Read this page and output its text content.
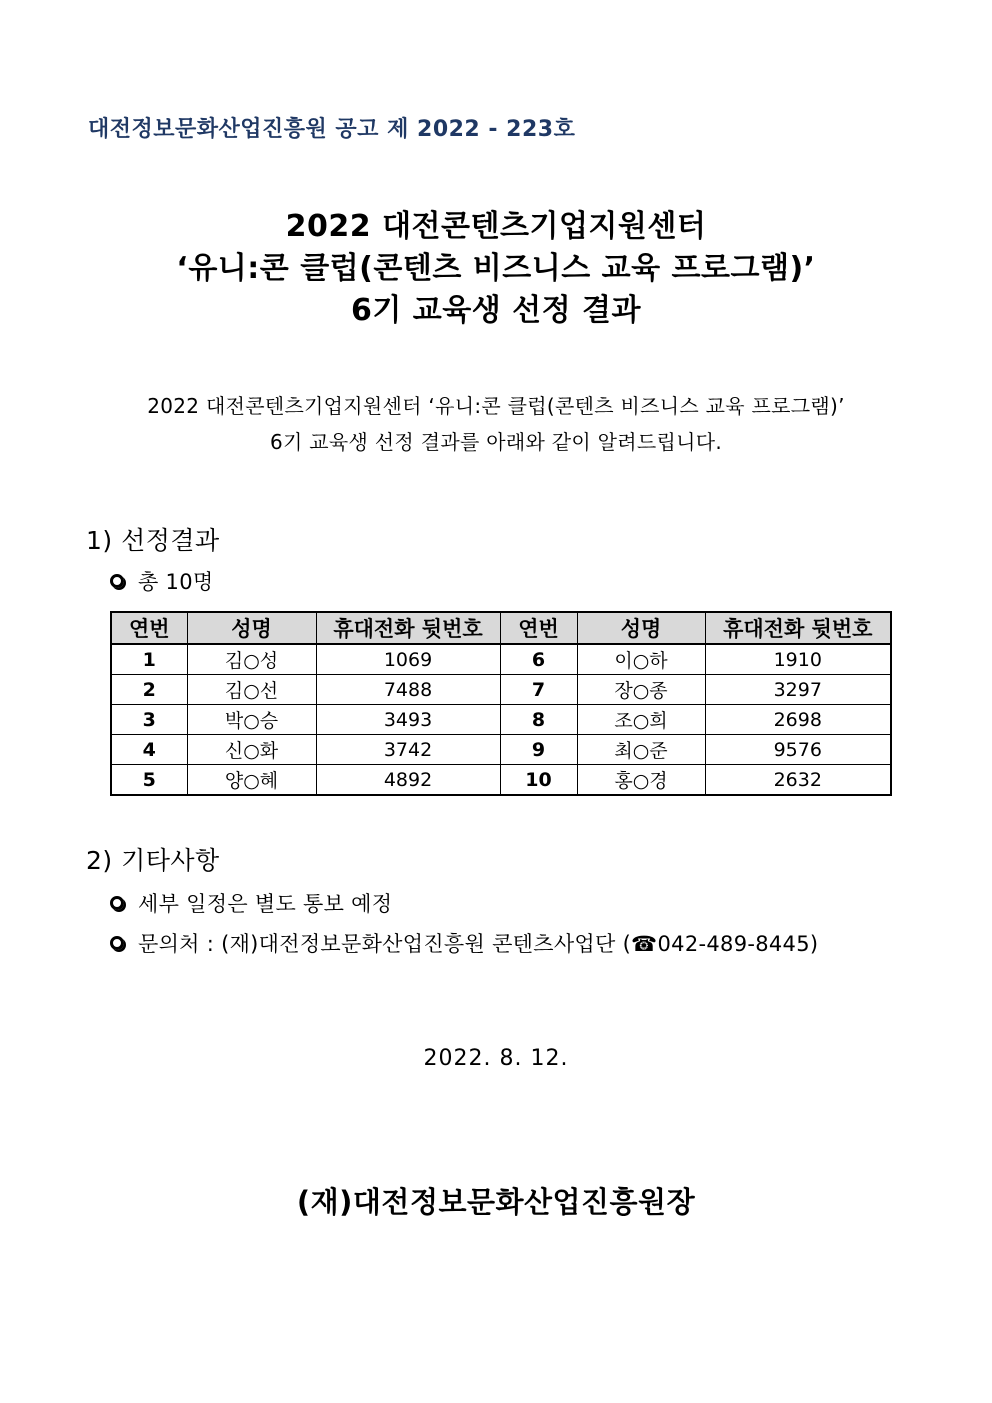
대전정보문화산업진흥원 공고 제 2022 - 223호
2022 대전콘텐츠기업지원센터
‘유니:콘 클럽(콘텐츠 비즈니스 교육 프로그램)’
6기 교육생 선정 결과
2022 대전콘텐츠기업지원센터 ‘유니:콘 클럽(콘텐츠 비즈니스 교육 프로그램)’
6기 교육생 선정 결과를 아래와 같이 알려드립니다.
1) 선정결과
총 10명
연번	성명	휴대전화 뒷번호	연번	성명	휴대전화 뒷번호
1	김○성	1069	6	이○하	1910
2	김○선	7488	7	장○종	3297
3	박○승	3493	8	조○희	2698
4	신○화	3742	9	최○준	9576
5	양○혜	4892	10	홍○경	2632
2) 기타사항
세부 일정은 별도 통보 예정
문의처 : (재)대전정보문화산업진흥원 콘텐츠사업단 (☎042-489-8445)
2022. 8. 12.
(재)대전정보문화산업진흥원장
